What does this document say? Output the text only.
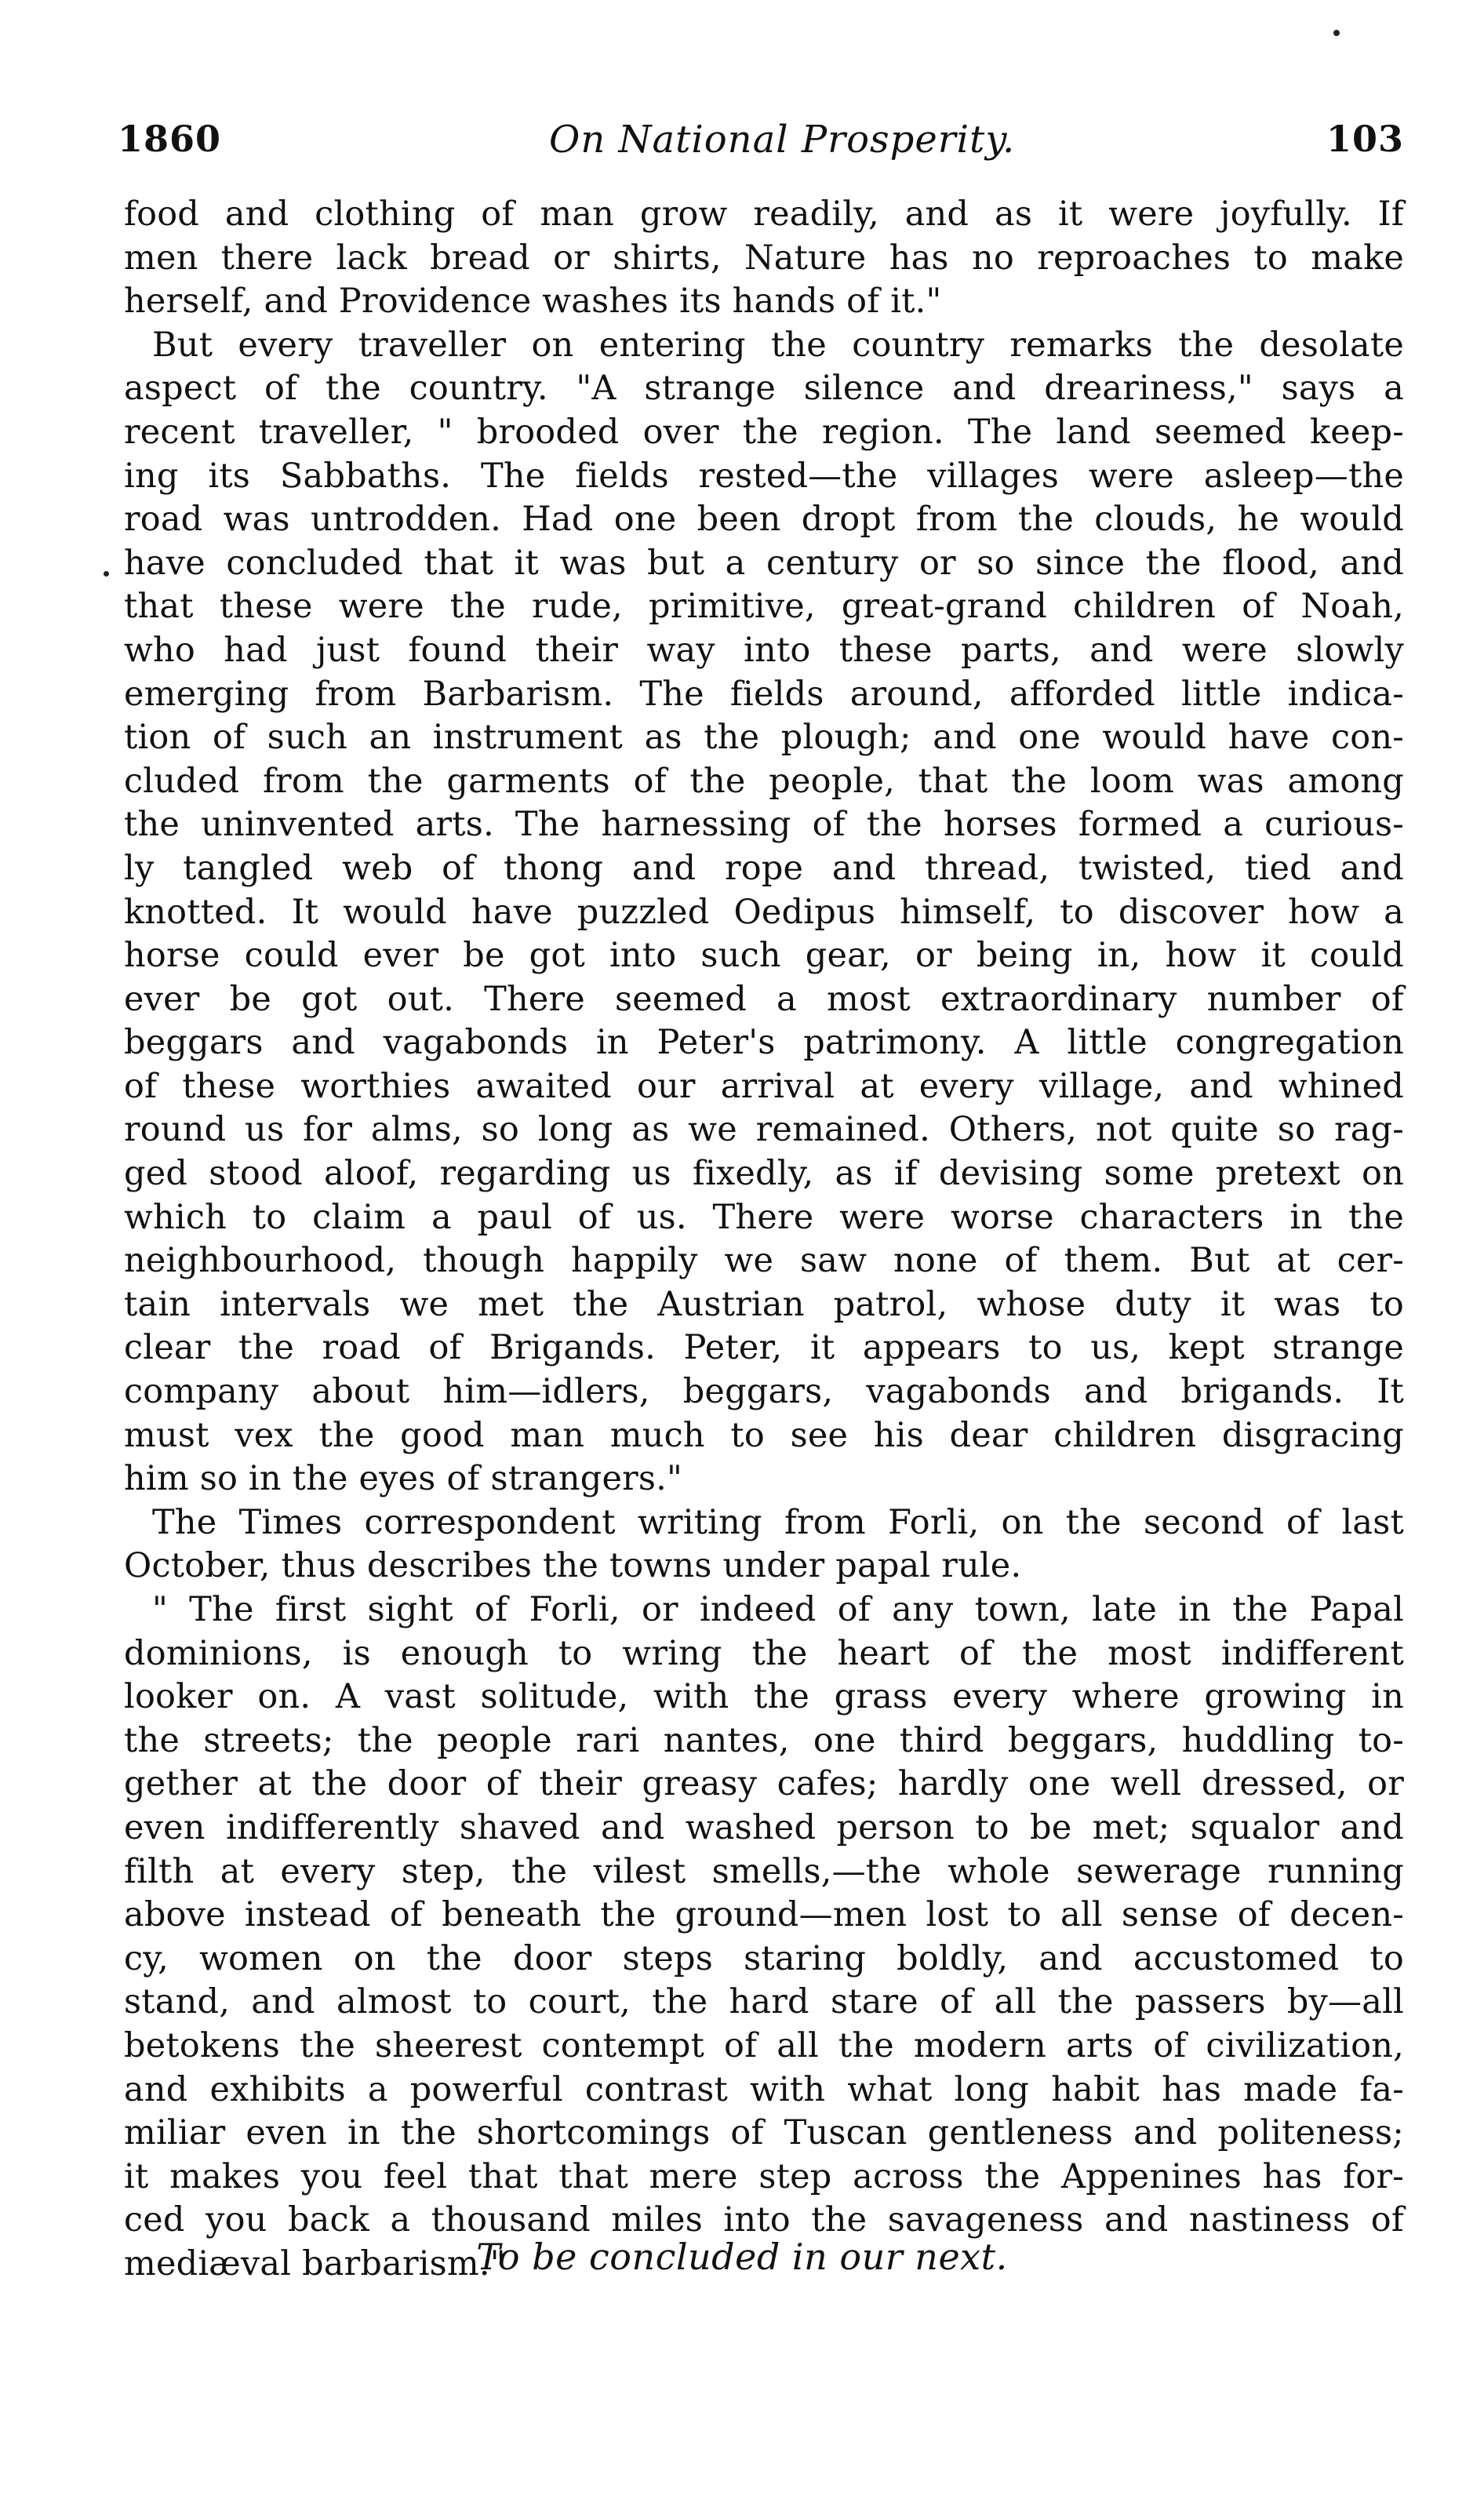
1860	On National Prosperity.	103
food and clothing of man grow readily, and as it were joyfully. If
men there lack bread or shirts, Nature has no reproaches to make
herself, and Providence washes its hands of it."
But every traveller on entering the country remarks the desolate
aspect of the country. "A strange silence and dreariness," says a
recent traveller, " brooded over the region. The land seemed keep-
ing its Sabbaths. The fields rested—the villages were asleep—the
road was untrodden. Had one been dropt from the clouds, he would
have concluded that it was but a century or so since the flood, and
that these were the rude, primitive, great-grand children of Noah,
who had just found their way into these parts, and were slowly
emerging from Barbarism. The fields around, afforded little indica-
tion of such an instrument as the plough; and one would have con-
cluded from the garments of the people, that the loom was among
the uninvented arts. The harnessing of the horses formed a curious-
ly tangled web of thong and rope and thread, twisted, tied and
knotted. It would have puzzled Oedipus himself, to discover how a
horse could ever be got into such gear, or being in, how it could
ever be got out. There seemed a most extraordinary number of
beggars and vagabonds in Peter's patrimony. A little congregation
of these worthies awaited our arrival at every village, and whined
round us for alms, so long as we remained. Others, not quite so rag-
ged stood aloof, regarding us fixedly, as if devising some pretext on
which to claim a paul of us. There were worse characters in the
neighbourhood, though happily we saw none of them. But at cer-
tain intervals we met the Austrian patrol, whose duty it was to
clear the road of Brigands. Peter, it appears to us, kept strange
company about him—idlers, beggars, vagabonds and brigands. It
must vex the good man much to see his dear children disgracing
him so in the eyes of strangers."
The Times correspondent writing from Forli, on the second of last
October, thus describes the towns under papal rule.
" The first sight of Forli, or indeed of any town, late in the Papal
dominions, is enough to wring the heart of the most indifferent
looker on. A vast solitude, with the grass every where growing in
the streets; the people rari nantes, one third beggars, huddling to-
gether at the door of their greasy cafes; hardly one well dressed, or
even indifferently shaved and washed person to be met; squalor and
filth at every step, the vilest smells,—the whole sewerage running
above instead of beneath the ground—men lost to all sense of decen-
cy, women on the door steps staring boldly, and accustomed to
stand, and almost to court, the hard stare of all the passers by—all
betokens the sheerest contempt of all the modern arts of civilization,
and exhibits a powerful contrast with what long habit has made fa-
miliar even in the shortcomings of Tuscan gentleness and politeness;
it makes you feel that that mere step across the Appenines has for-
ced you back a thousand miles into the savageness and nastiness of
mediæval barbarism."
To be concluded in our next.
